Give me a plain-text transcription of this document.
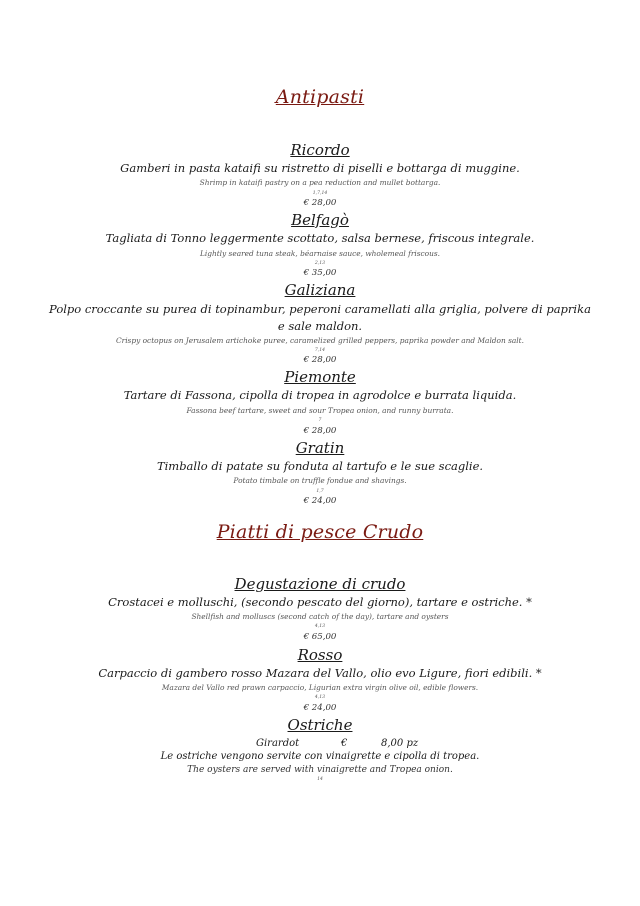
Antipasti
Ricordo
Gamberi in pasta kataifi su ristretto di piselli e bottarga di muggine.
Shrimp in kataifi pastry on a pea reduction and mullet bottarga.
1,7,14
€ 28,00
Belfagò
Tagliata di Tonno leggermente scottato, salsa bernese, friscous integrale.
Lightly seared tuna steak, béarnaise sauce, wholemeal friscous.
2,13
€ 35,00
Galiziana
Polpo croccante su purea di topinambur, peperoni caramellati alla griglia, polvere di paprika
e sale maldon.
Crispy octopus on Jerusalem artichoke puree, caramelized grilled peppers, paprika powder and Maldon salt.
7,14
€ 28,00
Piemonte
Tartare di Fassona, cipolla di tropea in agrodolce e burrata liquida.
Fassona beef tartare, sweet and sour Tropea onion, and runny burrata.
7
€ 28,00
Gratin
Timballo di patate su fonduta al tartufo e le sue scaglie.
Potato timbale on truffle fondue and shavings.
1,7
€ 24,00
Piatti di pesce Crudo
Degustazione di crudo
Crostacei e molluschi, (secondo pescato del giorno), tartare e ostriche. *
Shellfish and molluscs (second catch of the day), tartare and oysters
4,13
€ 65,00
Rosso
Carpaccio di gambero rosso Mazara del Vallo, olio evo Ligure, fiori edibili. *
Mazara del Vallo red prawn carpaccio, Ligurian extra virgin olive oil, edible flowers.
4,13
€ 24,00
Ostriche
Girardot	€	8,00 pz
Le ostriche vengono servite con vinaigrette e cipolla di tropea.
The oysters are served with vinaigrette and Tropea onion.
14
